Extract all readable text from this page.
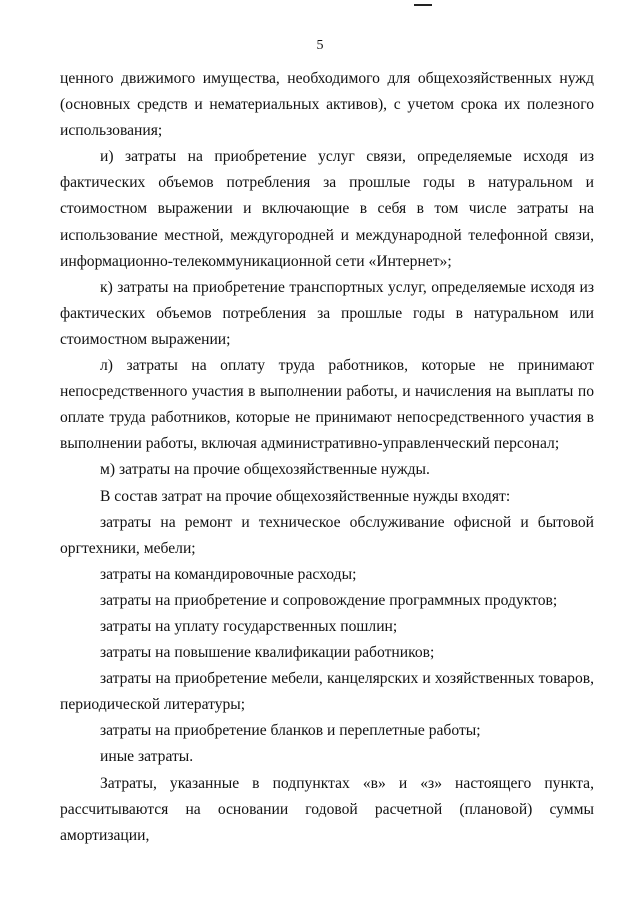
5

ценного движимого имущества, необходимого для общехозяйственных нужд (основных средств и нематериальных активов), с учетом срока их полезного использования;

и) затраты на приобретение услуг связи, определяемые исходя из фактических объемов потребления за прошлые годы в натуральном и стоимостном выражении и включающие в себя в том числе затраты на использование местной, междугородней и международной телефонной связи, информационно-телекоммуникационной сети «Интернет»;

к) затраты на приобретение транспортных услуг, определяемые исходя из фактических объемов потребления за прошлые годы в натуральном или стоимостном выражении;

л) затраты на оплату труда работников, которые не принимают непосредственного участия в выполнении работы, и начисления на выплаты по оплате труда работников, которые не принимают непосредственного участия в выполнении работы, включая административно-управленческий персонал;

м) затраты на прочие общехозяйственные нужды.

В состав затрат на прочие общехозяйственные нужды входят:

затраты на ремонт и техническое обслуживание офисной и бытовой оргтехники, мебели;

затраты на командировочные расходы;

затраты на приобретение и сопровождение программных продуктов;

затраты на уплату государственных пошлин;

затраты на повышение квалификации работников;

затраты на приобретение мебели, канцелярских и хозяйственных товаров, периодической литературы;

затраты на приобретение бланков и переплетные работы;

иные затраты.

Затраты, указанные в подпунктах «в» и «з» настоящего пункта, рассчитываются на основании годовой расчетной (плановой) суммы амортизации,
